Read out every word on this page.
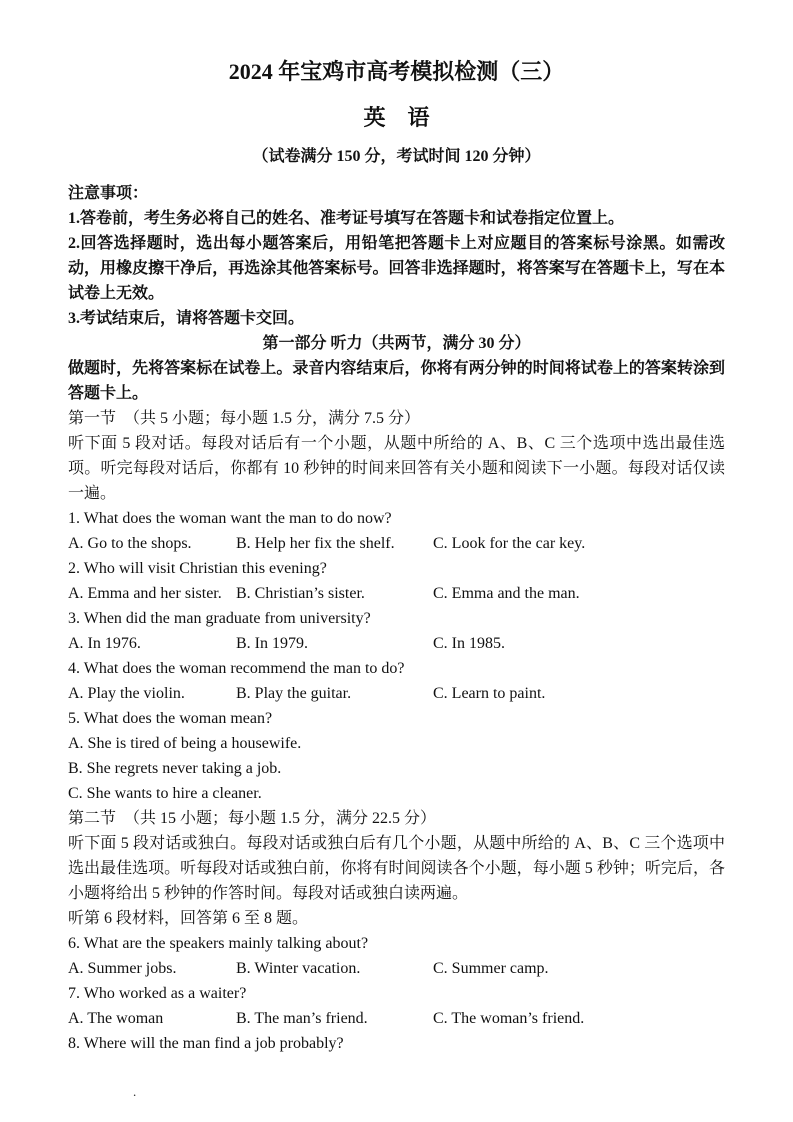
2024 年宝鸡市高考模拟检测（三）
英　语
（试卷满分 150 分，考试时间 120 分钟）
注意事项：
1.答卷前，考生务必将自己的姓名、准考证号填写在答题卡和试卷指定位置上。
2.回答选择题时，选出每小题答案后，用铅笔把答题卡上对应题目的答案标号涂黑。如需改动，用橡皮擦干净后，再选涂其他答案标号。回答非选择题时，将答案写在答题卡上，写在本试卷上无效。
3.考试结束后，请将答题卡交回。
第一部分 听力（共两节，满分 30 分）
做题时，先将答案标在试卷上。录音内容结束后，你将有两分钟的时间将试卷上的答案转涂到答题卡上。
第一节　（共 5 小题；每小题 1.5 分，满分 7.5 分）
听下面 5 段对话。每段对话后有一个小题，从题中所给的 A、B、C 三个选项中选出最佳选项。听完每段对话后，你都有 10 秒钟的时间来回答有关小题和阅读下一小题。每段对话仅读一遍。
1. What does the woman want the man to do now?
A. Go to the shops.	B. Help her fix the shelf.	C. Look for the car key.
2. Who will visit Christian this evening?
A. Emma and her sister. B. Christian’s sister.	C. Emma and the man.
3. When did the man graduate from university?
A. In 1976.	B. In 1979.	C. In 1985.
4. What does the woman recommend the man to do?
A. Play the violin.	B. Play the guitar.	C. Learn to paint.
5. What does the woman mean?
A. She is tired of being a housewife.
B. She regrets never taking a job.
C. She wants to hire a cleaner.
第二节　（共 15 小题；每小题 1.5 分，满分 22.5 分）
听下面 5 段对话或独白。每段对话或独白后有几个小题，从题中所给的 A、B、C 三个选项中选出最佳选项。听每段对话或独白前，你将有时间阅读各个小题，每小题 5 秒钟；听完后，各小题将给出 5 秒钟的作答时间。每段对话或独白读两遍。
听第 6 段材料，回答第 6 至 8 题。
6. What are the speakers mainly talking about?
A. Summer jobs.	B. Winter vacation.	C. Summer camp.
7. Who worked as a waiter?
A. The woman	B. The man’s friend.	C. The woman’s friend.
8. Where will the man find a job probably?
.
